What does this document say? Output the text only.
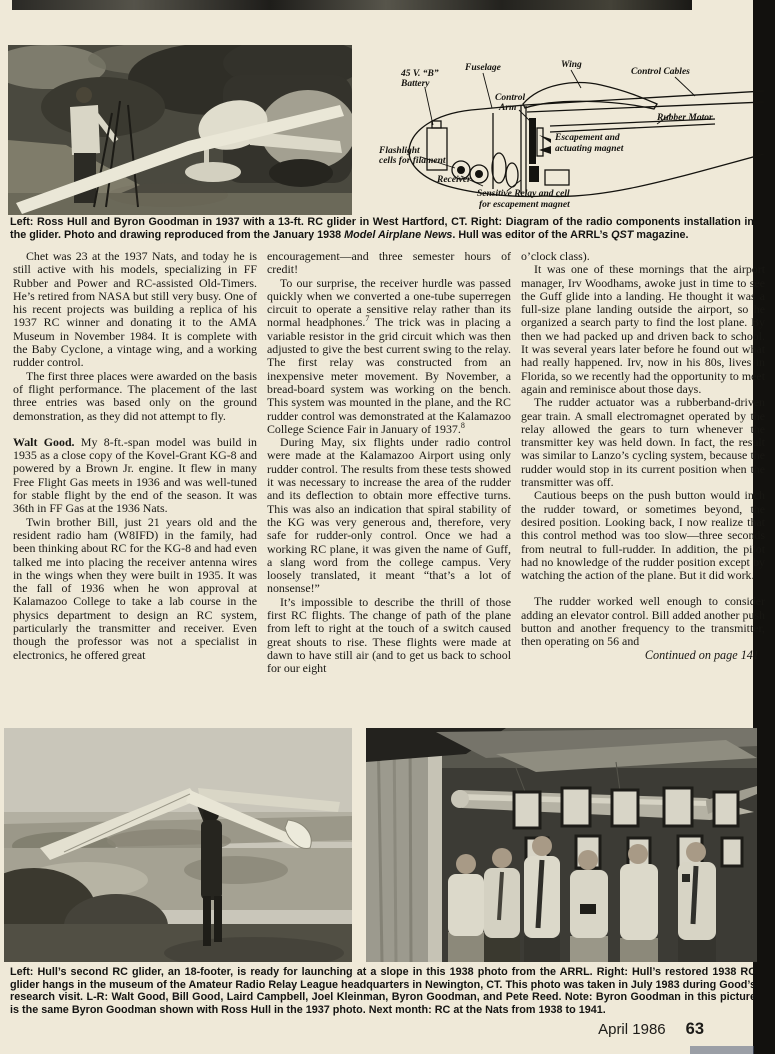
45 V. “B”
Battery
Fuselage	Wing
Control Cables
Control
Arm
Escapement and
actuating magnet
Rubber Motor
Flashlight
cells for filament
Receiver
Sensitive Relay and cell
for escapement magnet
Left: Ross Hull and Byron Goodman in 1937 with a 13-ft. RC glider in West Hartford, CT. Right: Diagram of the radio components installation in the glider. Photo and drawing reproduced from the January 1938 Model Airplane News. Hull was editor of the ARRL’s QST magazine.

Chet was 23 at the 1937 Nats, and today he is still active with his models, specializing in FF Rubber and Power and RC-assisted Old-Timers. He’s retired from NASA but still very busy. One of his recent projects was building a replica of his 1937 RC winner and donating it to the AMA Museum in November 1984. It is complete with the Baby Cyclone, a vintage wing, and a working rudder control.

The first three places were awarded on the basis of flight performance. The placement of the last three entries was based only on the ground demonstration, as they did not attempt to fly.

Walt Good. My 8-ft.-span model was build in 1935 as a close copy of the Kovel-Grant KG-8 and powered by a Brown Jr. engine. It flew in many Free Flight Gas meets in 1936 and was well-tuned for stable flight by the end of the season. It was 36th in FF Gas at the 1936 Nats.

Twin brother Bill, just 21 years old and the resident radio ham (W8IFD) in the family, had been thinking about RC for the KG-8 and had even talked me into placing the receiver antenna wires in the wings when they were built in 1935. It was the fall of 1936 when he won approval at Kalamazoo College to take a lab course in the physics department to design an RC system, particularly the transmitter and receiver. Even though the professor was not a specialist in electronics, he offered great

encouragement—and three semester hours of credit!

To our surprise, the receiver hurdle was passed quickly when we converted a one-tube superregen circuit to operate a sensitive relay rather than its normal headphones.$^7$ The trick was in placing a variable resistor in the grid circuit which was then adjusted to give the best current swing to the relay. The first relay was constructed from an inexpensive meter movement. By November, a bread-board system was working on the bench. This system was mounted in the plane, and the RC rudder control was demonstrated at the Kalamazoo College Science Fair in January of 1937.$^8$

During May, six flights under radio control were made at the Kalamazoo Airport using only rudder control. The results from these tests showed it was necessary to increase the area of the rudder and its deflection to obtain more effective turns. This was also an indication that spiral stability of the KG was very generous and, therefore, very safe for rudder-only control. Once we had a working RC plane, it was given the name of Guff, a slang word from the college campus. Very loosely translated, it meant “that’s a lot of nonsense!”

It’s impossible to describe the thrill of those first RC flights. The change of path of the plane from left to right at the touch of a switch caused great shouts to rise. These flights were made at dawn to have still air (and to get us back to school for our eight

o’clock class).

It was one of these mornings that the airport manager, Irv Woodhams, awoke just in time to see the Guff glide into a landing. He thought it was a full-size plane landing outside the airport, so he organized a search party to find the lost plane. By then we had packed up and driven back to school. It was several years later before he found out what had really happened. Irv, now in his 80s, lives in Florida, so we recently had the opportunity to meet again and reminisce about those days.

The rudder actuator was a rubberband-driven gear train. A small electromagnet operated by the relay allowed the gears to turn whenever the transmitter key was held down. In fact, the result was similar to Lanzo’s cycling system, because the rudder would stop in its current position when the transmitter was off.

Cautious beeps on the push button would inch the rudder toward, or sometimes beyond, the desired position. Looking back, I now realize that this control method was too slow—three seconds from neutral to full-rudder. In addition, the pilot had no knowledge of the rudder position except by watching the action of the plane. But it did work.

The rudder worked well enough to consider adding an elevator control. Bill added another push button and another frequency to the transmitter, then operating on 56 and

Continued on page 141

Left: Hull’s second RC glider, an 18-footer, is ready for launching at a slope in this 1938 photo from the ARRL. Right: Hull’s restored 1938 RC glider hangs in the museum of the Amateur Radio Relay League headquarters in Newington, CT. This photo was taken in July 1983 during Good’s research visit. L-R: Walt Good, Bill Good, Laird Campbell, Joel Kleinman, Byron Goodman, and Pete Reed. Note: Byron Goodman in this picture is the same Byron Goodman shown with Ross Hull in the 1937 photo. Next month: RC at the Nats from 1938 to 1941.
April 1986 63
